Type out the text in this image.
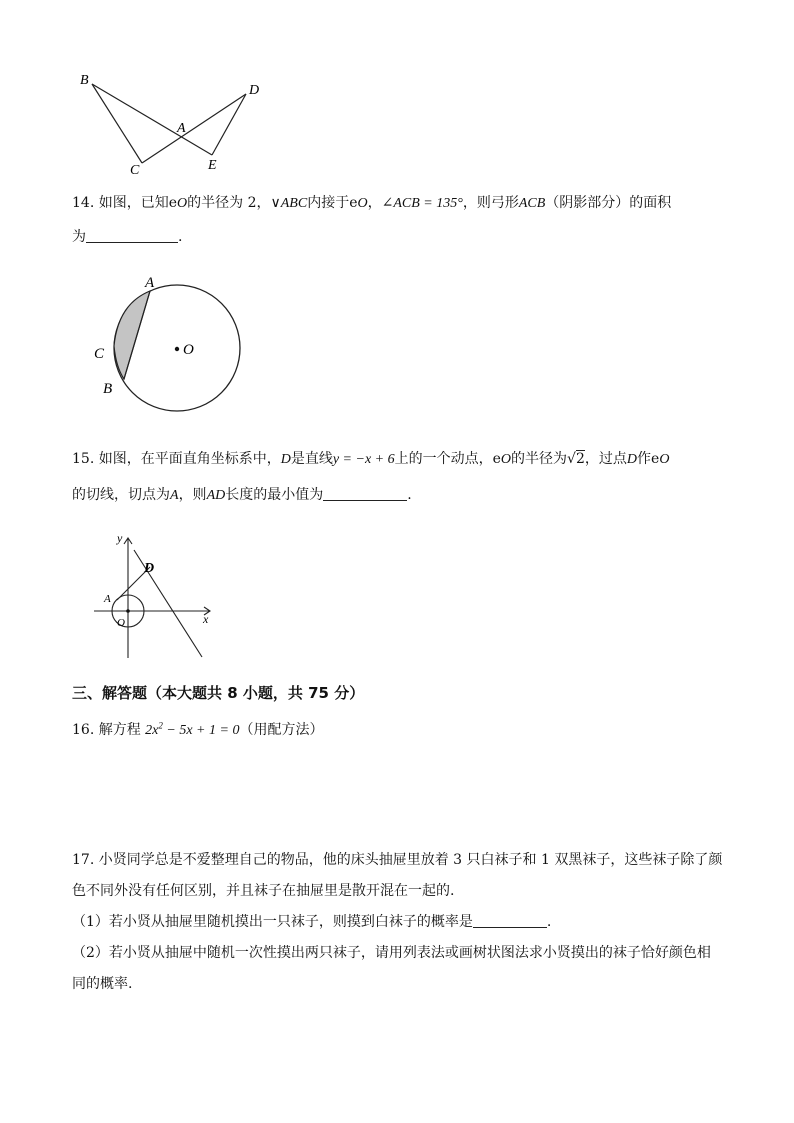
B
D
A
C	E
14. 如图，已知eO的半径为 2，∨ABC内接于eO，∠ACB = 135°，则弓形ACB（阴影部分）的面积
为	.
A
C
B
O
15. 如图，在平面直角坐标系中，D是直线y = −x + 6上的一个动点，eO的半径为√2，过点D作eO
的切线，切点为A，则AD长度的最小值为	.
y
D
A
O	x
三、解答题（本大题共 8 小题，共 75 分）
16. 解方程 $2x^2 - 5x + 1 = 0$（用配方法）
17. 小贤同学总是不爱整理自己的物品，他的床头抽屉里放着 3 只白袜子和 1 双黑袜子，这些袜子除了颜
色不同外没有任何区别，并且袜子在抽屉里是散开混在一起的.
（1）若小贤从抽屉里随机摸出一只袜子，则摸到白袜子的概率是	.
（2）若小贤从抽屉中随机一次性摸出两只袜子，请用列表法或画树状图法求小贤摸出的袜子恰好颜色相
同的概率.
